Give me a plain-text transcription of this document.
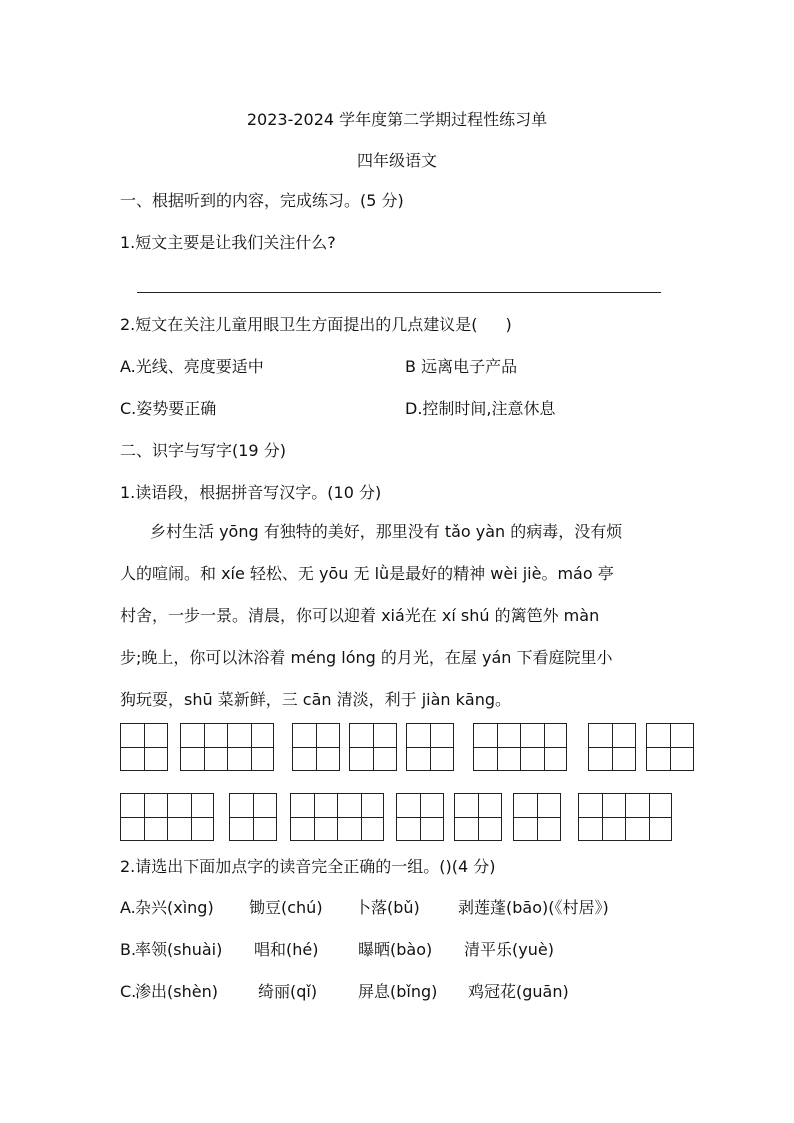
2023-2024 学年度第二学期过程性练习单
四年级语文
一、根据听到的内容，完成练习。(5 分)
1.短文主要是让我们关注什么?
2.短文在关注儿童用眼卫生方面提出的几点建议是( )
A.光线、亮度要适中	B 远离电子产品
C.姿势要正确	D.控制时间,注意休息
二、识字与写字(19 分)
1.读语段，根据拼音写汉字。(10 分)
乡村生活 yōng 有独特的美好，那里没有 tǎo yàn 的病毒，没有烦
人的喧闹。和 xíe 轻松、无 yōu 无 lǜ是最好的精神 wèi jiè。máo 亭
村舍，一步一景。清晨，你可以迎着 xiá光在 xí shú 的篱笆外 màn
步;晚上，你可以沐浴着 méng lóng 的月光，在屋 yán 下看庭院里小
狗玩耍，shū 菜新鲜，三 cān 清淡，利于 jiàn kāng。
2.请选出下面加点字的读音完全正确的一组。()(4 分)
A. 杂兴(xìng) 锄豆(chú) 卜落(bǔ) 剥莲蓬(bāo)(《村居》)
B.
率领(shuài) 唱和(hé) 曝晒(bào) 清平乐(yuè)
C.
渗出(shèn)	绮丽(qǐ)	屏息(bǐng) 鸡冠花(guān)
